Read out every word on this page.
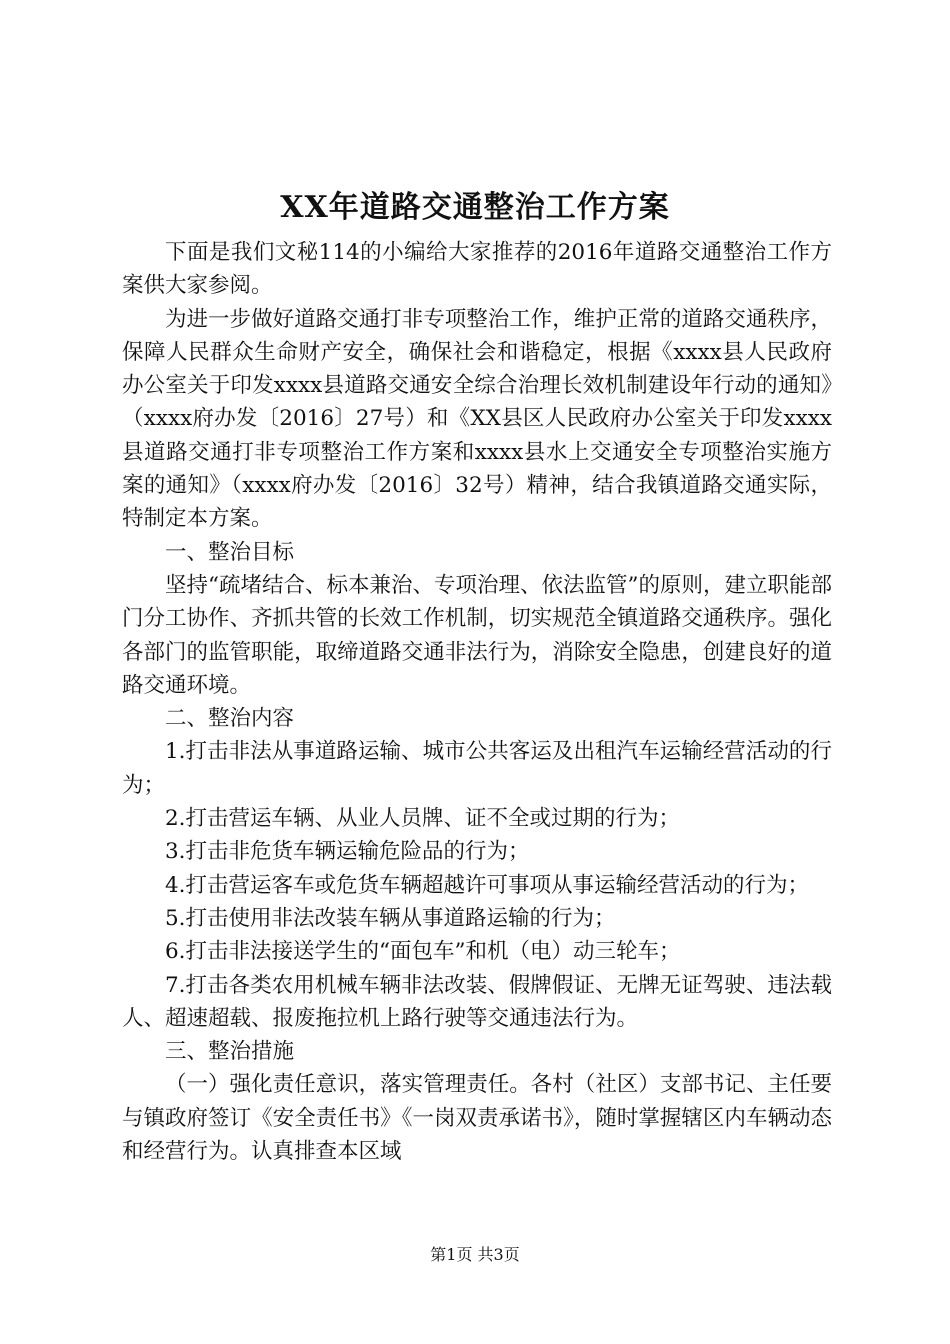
XX年道路交通整治工作方案

下面是我们文秘114的小编给大家推荐的2016年道路交通整治工作方案供大家参阅。

为进一步做好道路交通打非专项整治工作，维护正常的道路交通秩序，保障人民群众生命财产安全，确保社会和谐稳定，根据《xxxx县人民政府办公室关于印发xxxx县道路交通安全综合治理长效机制建设年行动的通知》（xxxx府办发〔2016〕27号）和《XX县区人民政府办公室关于印发xxxx县道路交通打非专项整治工作方案和xxxx县水上交通安全专项整治实施方案的通知》（xxxx府办发〔2016〕32号）精神，结合我镇道路交通实际，特制定本方案。

一、整治目标

坚持“疏堵结合、标本兼治、专项治理、依法监管”的原则，建立职能部门分工协作、齐抓共管的长效工作机制，切实规范全镇道路交通秩序。强化各部门的监管职能，取缔道路交通非法行为，消除安全隐患，创建良好的道路交通环境。

二、整治内容

1.打击非法从事道路运输、城市公共客运及出租汽车运输经营活动的行为；

2.打击营运车辆、从业人员牌、证不全或过期的行为；

3.打击非危货车辆运输危险品的行为；

4.打击营运客车或危货车辆超越许可事项从事运输经营活动的行为；

5.打击使用非法改装车辆从事道路运输的行为；

6.打击非法接送学生的“面包车”和机（电）动三轮车；

7.打击各类农用机械车辆非法改装、假牌假证、无牌无证驾驶、违法载人、超速超载、报废拖拉机上路行驶等交通违法行为。

三、整治措施

（一）强化责任意识，落实管理责任。各村（社区）支部书记、主任要与镇政府签订《安全责任书》《一岗双责承诺书》，随时掌握辖区内车辆动态和经营行为。认真排查本区域

第1页 共3页
